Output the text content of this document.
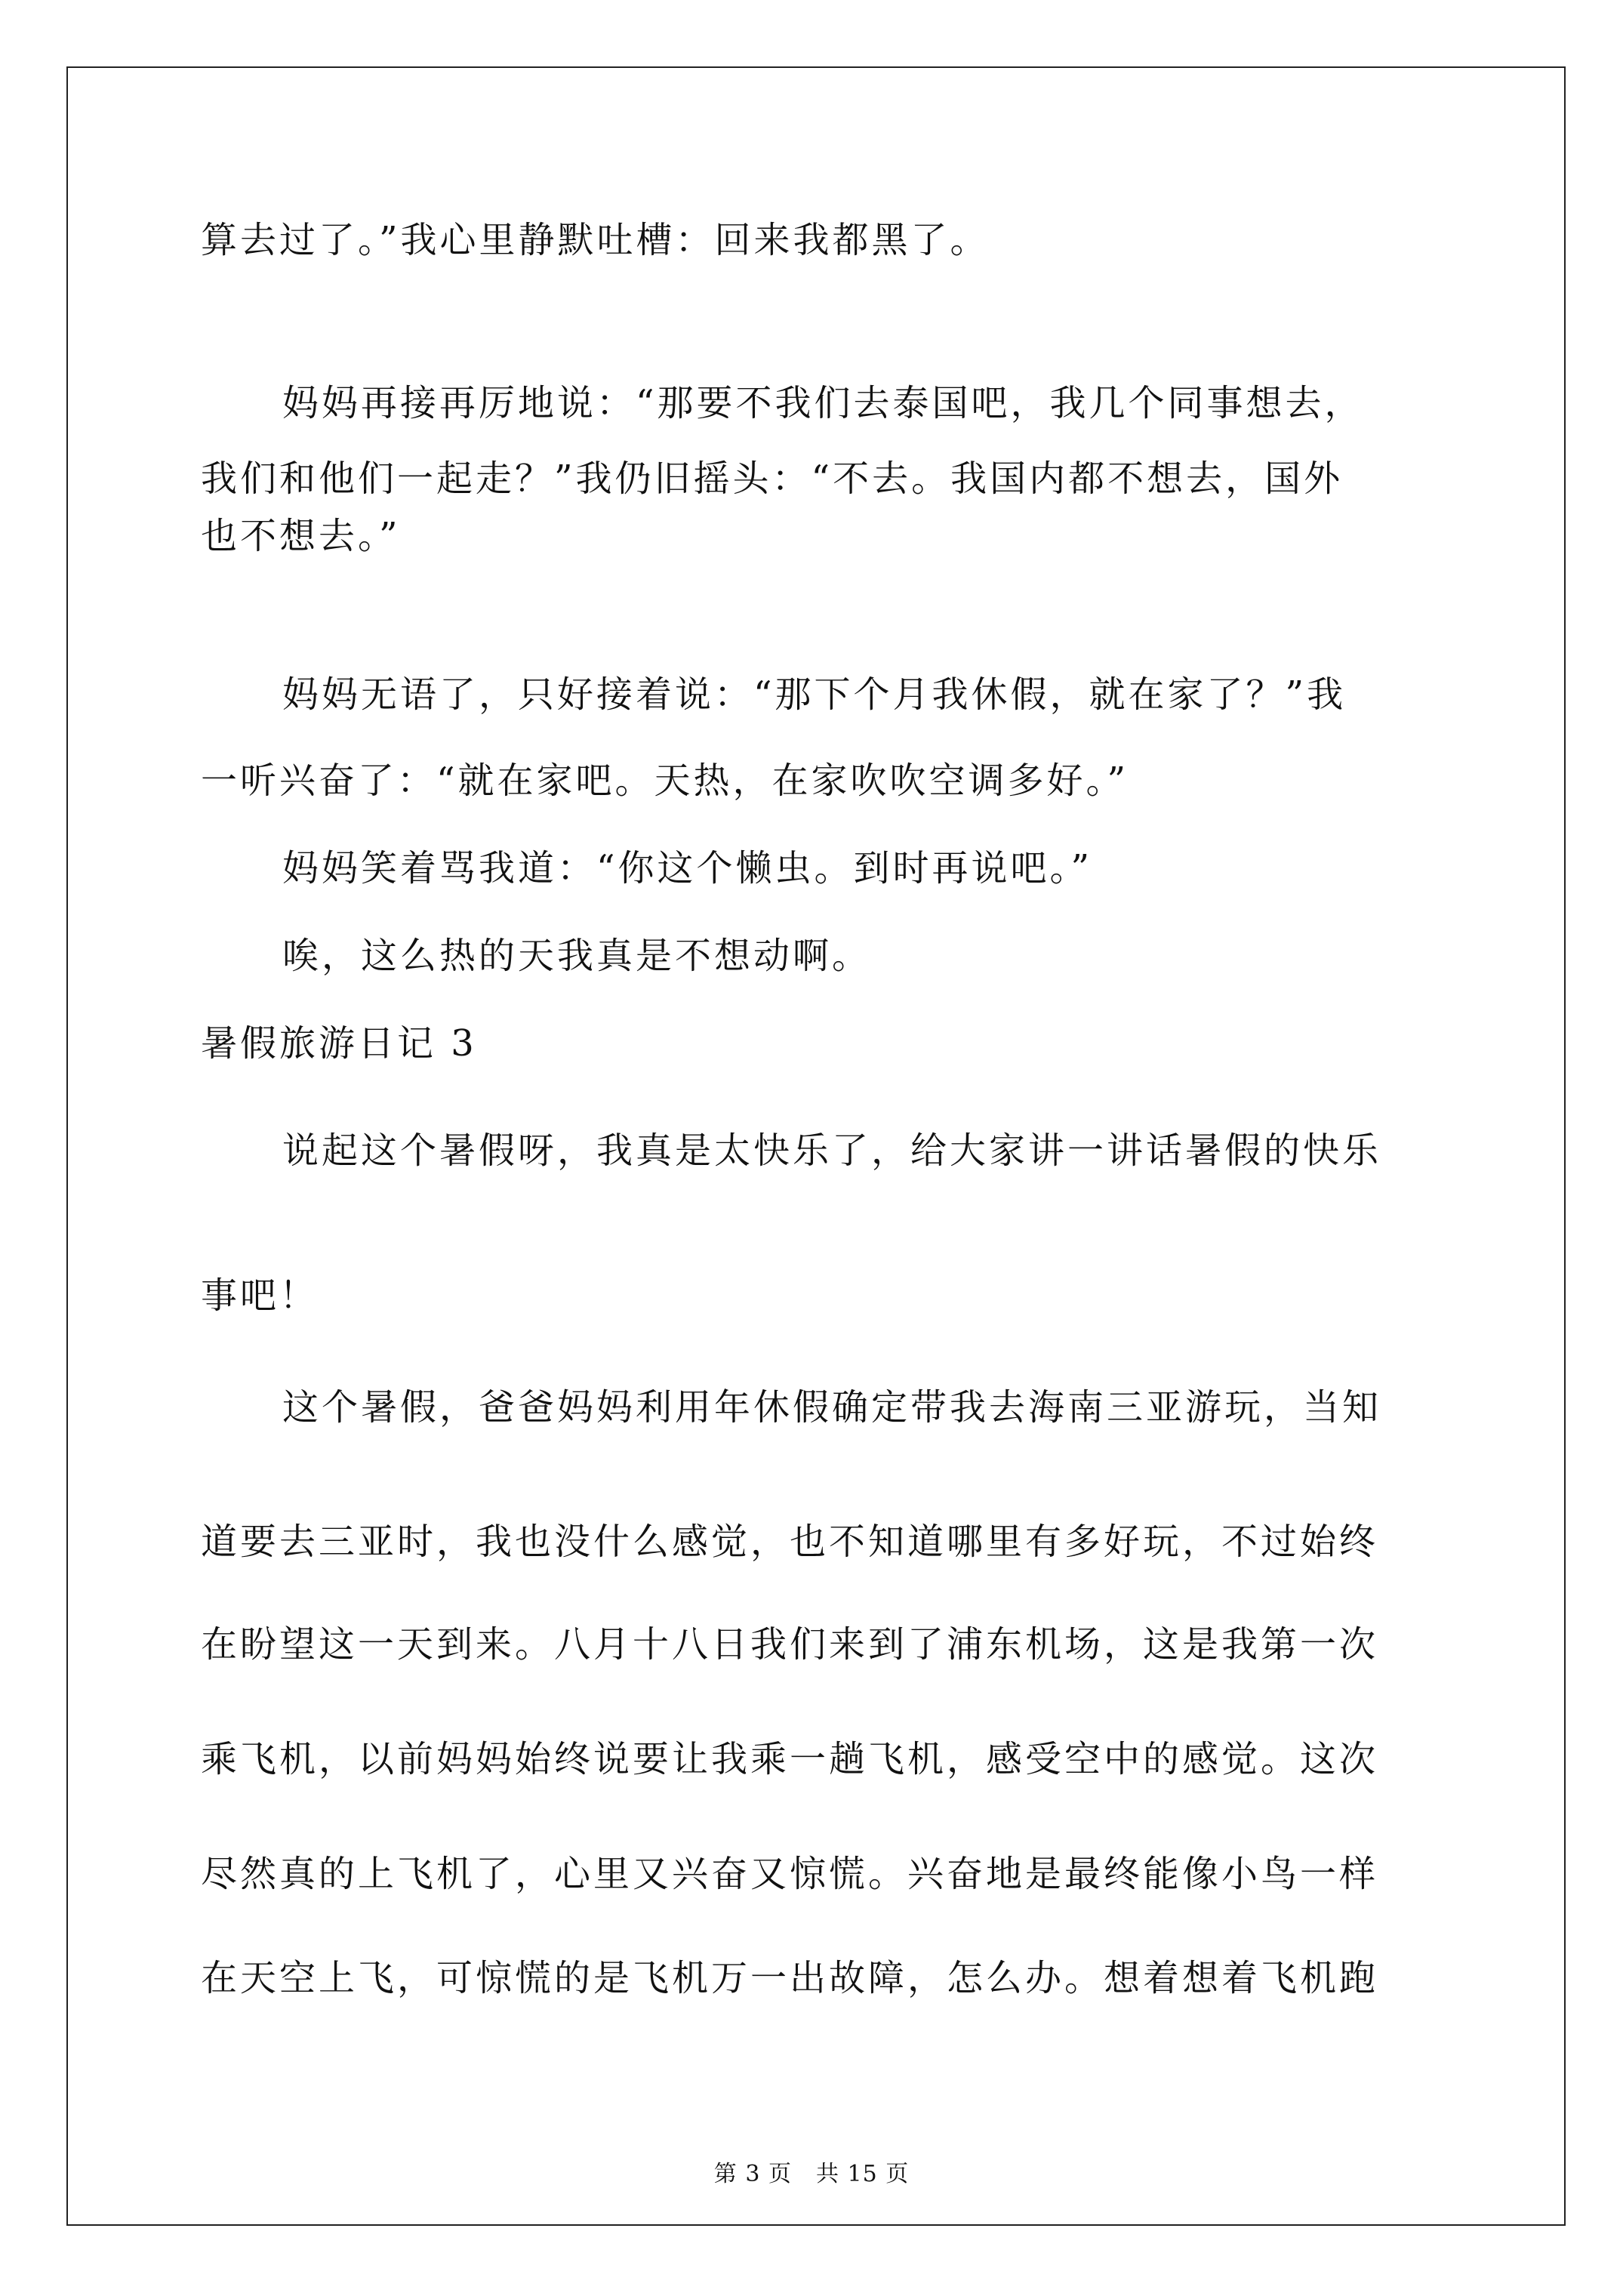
算去过了。”我心里静默吐槽：回来我都黑了。
妈妈再接再厉地说：“那要不我们去泰国吧，我几个同事想去，
我们和他们一起走？”我仍旧摇头：“不去。我国内都不想去，国外
也不想去。”
妈妈无语了，只好接着说：“那下个月我休假，就在家了？”我
一听兴奋了：“就在家吧。天热，在家吹吹空调多好。”
妈妈笑着骂我道：“你这个懒虫。到时再说吧。”
唉，这么热的天我真是不想动啊。
暑假旅游日记 3
说起这个暑假呀，我真是太快乐了，给大家讲一讲话暑假的快乐
事吧！
这个暑假，爸爸妈妈利用年休假确定带我去海南三亚游玩，当知
道要去三亚时，我也没什么感觉，也不知道哪里有多好玩，不过始终
在盼望这一天到来。八月十八日我们来到了浦东机场，这是我第一次
乘飞机，以前妈妈始终说要让我乘一趟飞机，感受空中的感觉。这次
尽然真的上飞机了，心里又兴奋又惊慌。兴奋地是最终能像小鸟一样
在天空上飞，可惊慌的是飞机万一出故障，怎么办。想着想着飞机跑
第 3 页 共 15 页
